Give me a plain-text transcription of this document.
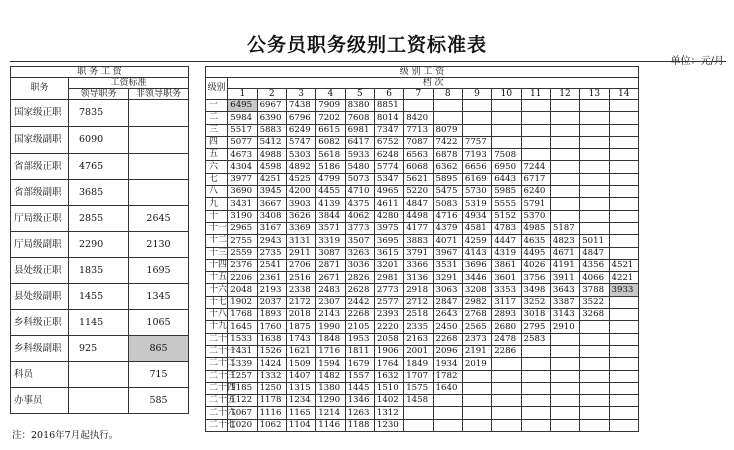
公务员职务级别工资标准表
单位：元/月
职 务 工 资		
职务	工资标准	
	领导职务	非领导职务
国家级正职	7835	
国家级副职	6090	
省部级正职	4765	
省部级副职	3685	
厅局级正职	2855	2645
厅局级副职	2290	2130
县处级正职	1835	1695
县处级副职	1455	1345
乡科级正职	1145	1065
乡科级副职	925	865
科员		715
办事员		585
级 别 工 资														
级别	档 次													
	1	2	3	4	5	6	7	8	9	10	11	12	13	14
一	6495	6967	7438	7909	8380	8851								
二	5984	6390	6796	7202	7608	8014	8420							
三	5517	5883	6249	6615	6981	7347	7713	8079						
四	5077	5412	5747	6082	6417	6752	7087	7422	7757					
五	4673	4988	5303	5618	5933	6248	6563	6878	7193	7508				
六	4304	4598	4892	5186	5480	5774	6068	6362	6656	6950	7244			
七	3977	4251	4525	4799	5073	5347	5621	5895	6169	6443	6717			
八	3690	3945	4200	4455	4710	4965	5220	5475	5730	5985	6240			
九	3431	3667	3903	4139	4375	4611	4847	5083	5319	5555	5791			
十	3190	3408	3626	3844	4062	4280	4498	4716	4934	5152	5370			
十一	2965	3167	3369	3571	3773	3975	4177	4379	4581	4783	4985	5187		
十二	2755	2943	3131	3319	3507	3695	3883	4071	4259	4447	4635	4823	5011	
十三	2559	2735	2911	3087	3263	3615	3791	3967	4143	4319	4495	4671	4847	
十四	2376	2541	2706	2871	3036	3201	3366	3531	3696	3861	4026	4191	4356	4521
十五	2206	2361	2516	2671	2826	2981	3136	3291	3446	3601	3756	3911	4066	4221
十六	2048	2193	2338	2483	2628	2773	2918	3063	3208	3353	3498	3643	3788	3933
十七	1902	2037	2172	2307	2442	2577	2712	2847	2982	3117	3252	3387	3522	
十八	1768	1893	2018	2143	2268	2393	2518	2643	2768	2893	3018	3143	3268	
十九	1645	1760	1875	1990	2105	2220	2335	2450	2565	2680	2795	2910		
二十	1533	1638	1743	1848	1953	2058	2163	2268	2373	2478	2583			
二十一	1431	1526	1621	1716	1811	1906	2001	2096	2191	2286				
二十二	1339	1424	1509	1594	1679	1764	1849	1934	2019					
二十三	1257	1332	1407	1482	1557	1632	1707	1782						
二十四	1185	1250	1315	1380	1445	1510	1575	1640						
二十五	1122	1178	1234	1290	1346	1402	1458							
二十六	1067	1116	1165	1214	1263	1312								
二十七	1020	1062	1104	1146	1188	1230								
注：2016年7月起执行。
